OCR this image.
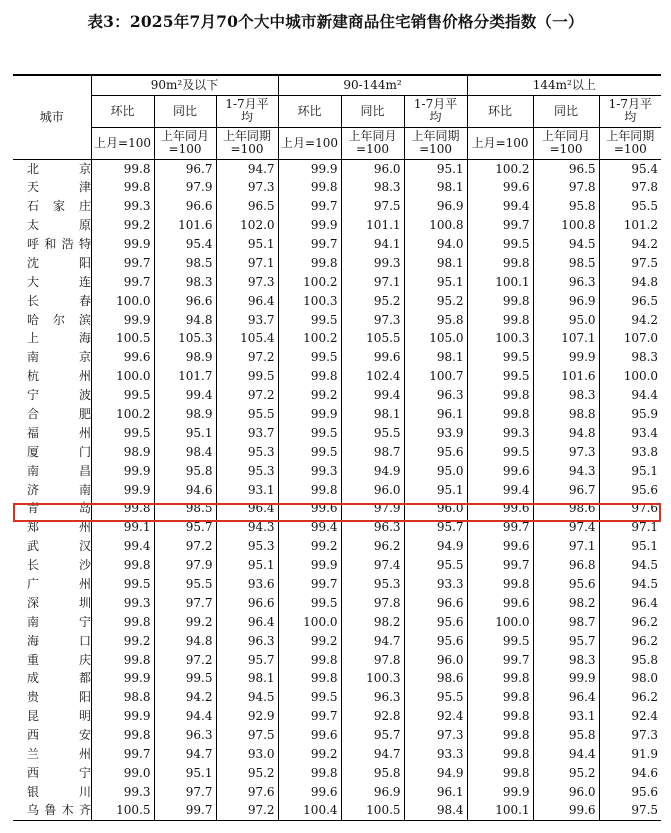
表3：2025年7月70个大中城市新建商品住宅销售价格分类指数（一）
城市	90m²及以下			90-144m²			144m²以上		
	环比	同比	1-7月平均	环比	同比	1-7月平均	环比	同比	1-7月平均
	上月=100	上年同月=100	上年同期=100	上月=100	上年同月=100	上年同期=100	上月=100	上年同月=100	上年同期=100

北 京	99.8	96.7	94.7	99.9	96.0	95.1	100.2	96.5	95.4

天 津	99.8	97.9	97.3	99.8	98.3	98.1	99.6	97.8	97.8

石 家 庄	99.3	96.6	96.5	99.7	97.5	96.9	99.4	95.8	95.5

太 原	99.2	101.6	102.0	99.9	101.1	100.8	99.7	100.8	101.2

呼 和 浩 特	99.9	95.4	95.1	99.7	94.1	94.0	99.5	94.5	94.2

沈 阳	99.7	98.5	97.1	99.8	99.3	98.1	99.8	98.5	97.5

大 连	99.7	98.3	97.3	100.2	97.1	95.1	100.1	96.3	94.8

长 春	100.0	96.6	96.4	100.3	95.2	95.2	99.8	96.9	96.5

哈 尔 滨	99.9	94.8	93.7	99.5	97.3	95.8	99.8	95.0	94.2

上 海	100.5	105.3	105.4	100.2	105.5	105.0	100.3	107.1	107.0

南 京	99.6	98.9	97.2	99.5	99.6	98.1	99.5	99.9	98.3

杭 州	100.0	101.7	99.5	99.8	102.4	100.7	99.5	101.6	100.0

宁 波	99.5	99.4	97.2	99.2	99.4	96.3	99.8	98.3	94.4

合 肥	100.2	98.9	95.5	99.9	98.1	96.1	99.8	98.8	95.9

福 州	99.5	95.1	93.7	99.5	95.5	93.9	99.3	94.8	93.4

厦 门	98.9	98.4	95.3	99.5	98.7	95.6	99.5	97.3	93.8

南 昌	99.9	95.8	95.3	99.3	94.9	95.0	99.6	94.3	95.1

济 南	99.9	94.6	93.1	99.8	96.0	95.1	99.4	96.7	95.6

青 岛	99.8	98.5	96.4	99.6	97.9	96.0	99.6	98.6	97.6

郑 州	99.1	95.7	94.3	99.4	96.3	95.7	99.7	97.4	97.1

武 汉	99.4	97.2	95.3	99.2	96.2	94.9	99.6	97.1	95.1

长 沙	99.8	97.9	95.1	99.9	97.4	95.5	99.7	96.8	94.5

广 州	99.5	95.5	93.6	99.7	95.3	93.3	99.8	95.6	94.5

深 圳	99.3	97.7	96.6	99.5	97.8	96.6	99.6	98.2	96.4

南 宁	99.8	99.2	96.4	100.0	98.2	95.6	100.0	98.7	96.2

海 口	99.2	94.8	96.3	99.2	94.7	95.6	99.5	95.7	96.2

重 庆	99.8	97.2	95.7	99.8	97.8	96.0	99.7	98.3	95.8

成 都	99.9	99.5	98.1	99.8	100.3	98.6	99.8	99.9	98.0

贵 阳	98.8	94.2	94.5	99.5	96.3	95.5	99.8	96.4	96.2

昆 明	99.9	94.4	92.9	99.7	92.8	92.4	99.8	93.1	92.4

西 安	99.8	96.3	97.5	99.6	95.7	97.3	99.8	95.8	97.3

兰 州	99.7	94.7	93.0	99.2	94.7	93.3	99.8	94.4	91.9

西 宁	99.0	95.1	95.2	99.8	95.8	94.9	99.8	95.2	94.6

银 川	99.3	97.7	97.6	99.6	96.9	96.1	99.9	96.0	95.6

乌 鲁 木 齐	100.5	99.7	97.2	100.4	100.5	98.4	100.1	99.6	97.5
